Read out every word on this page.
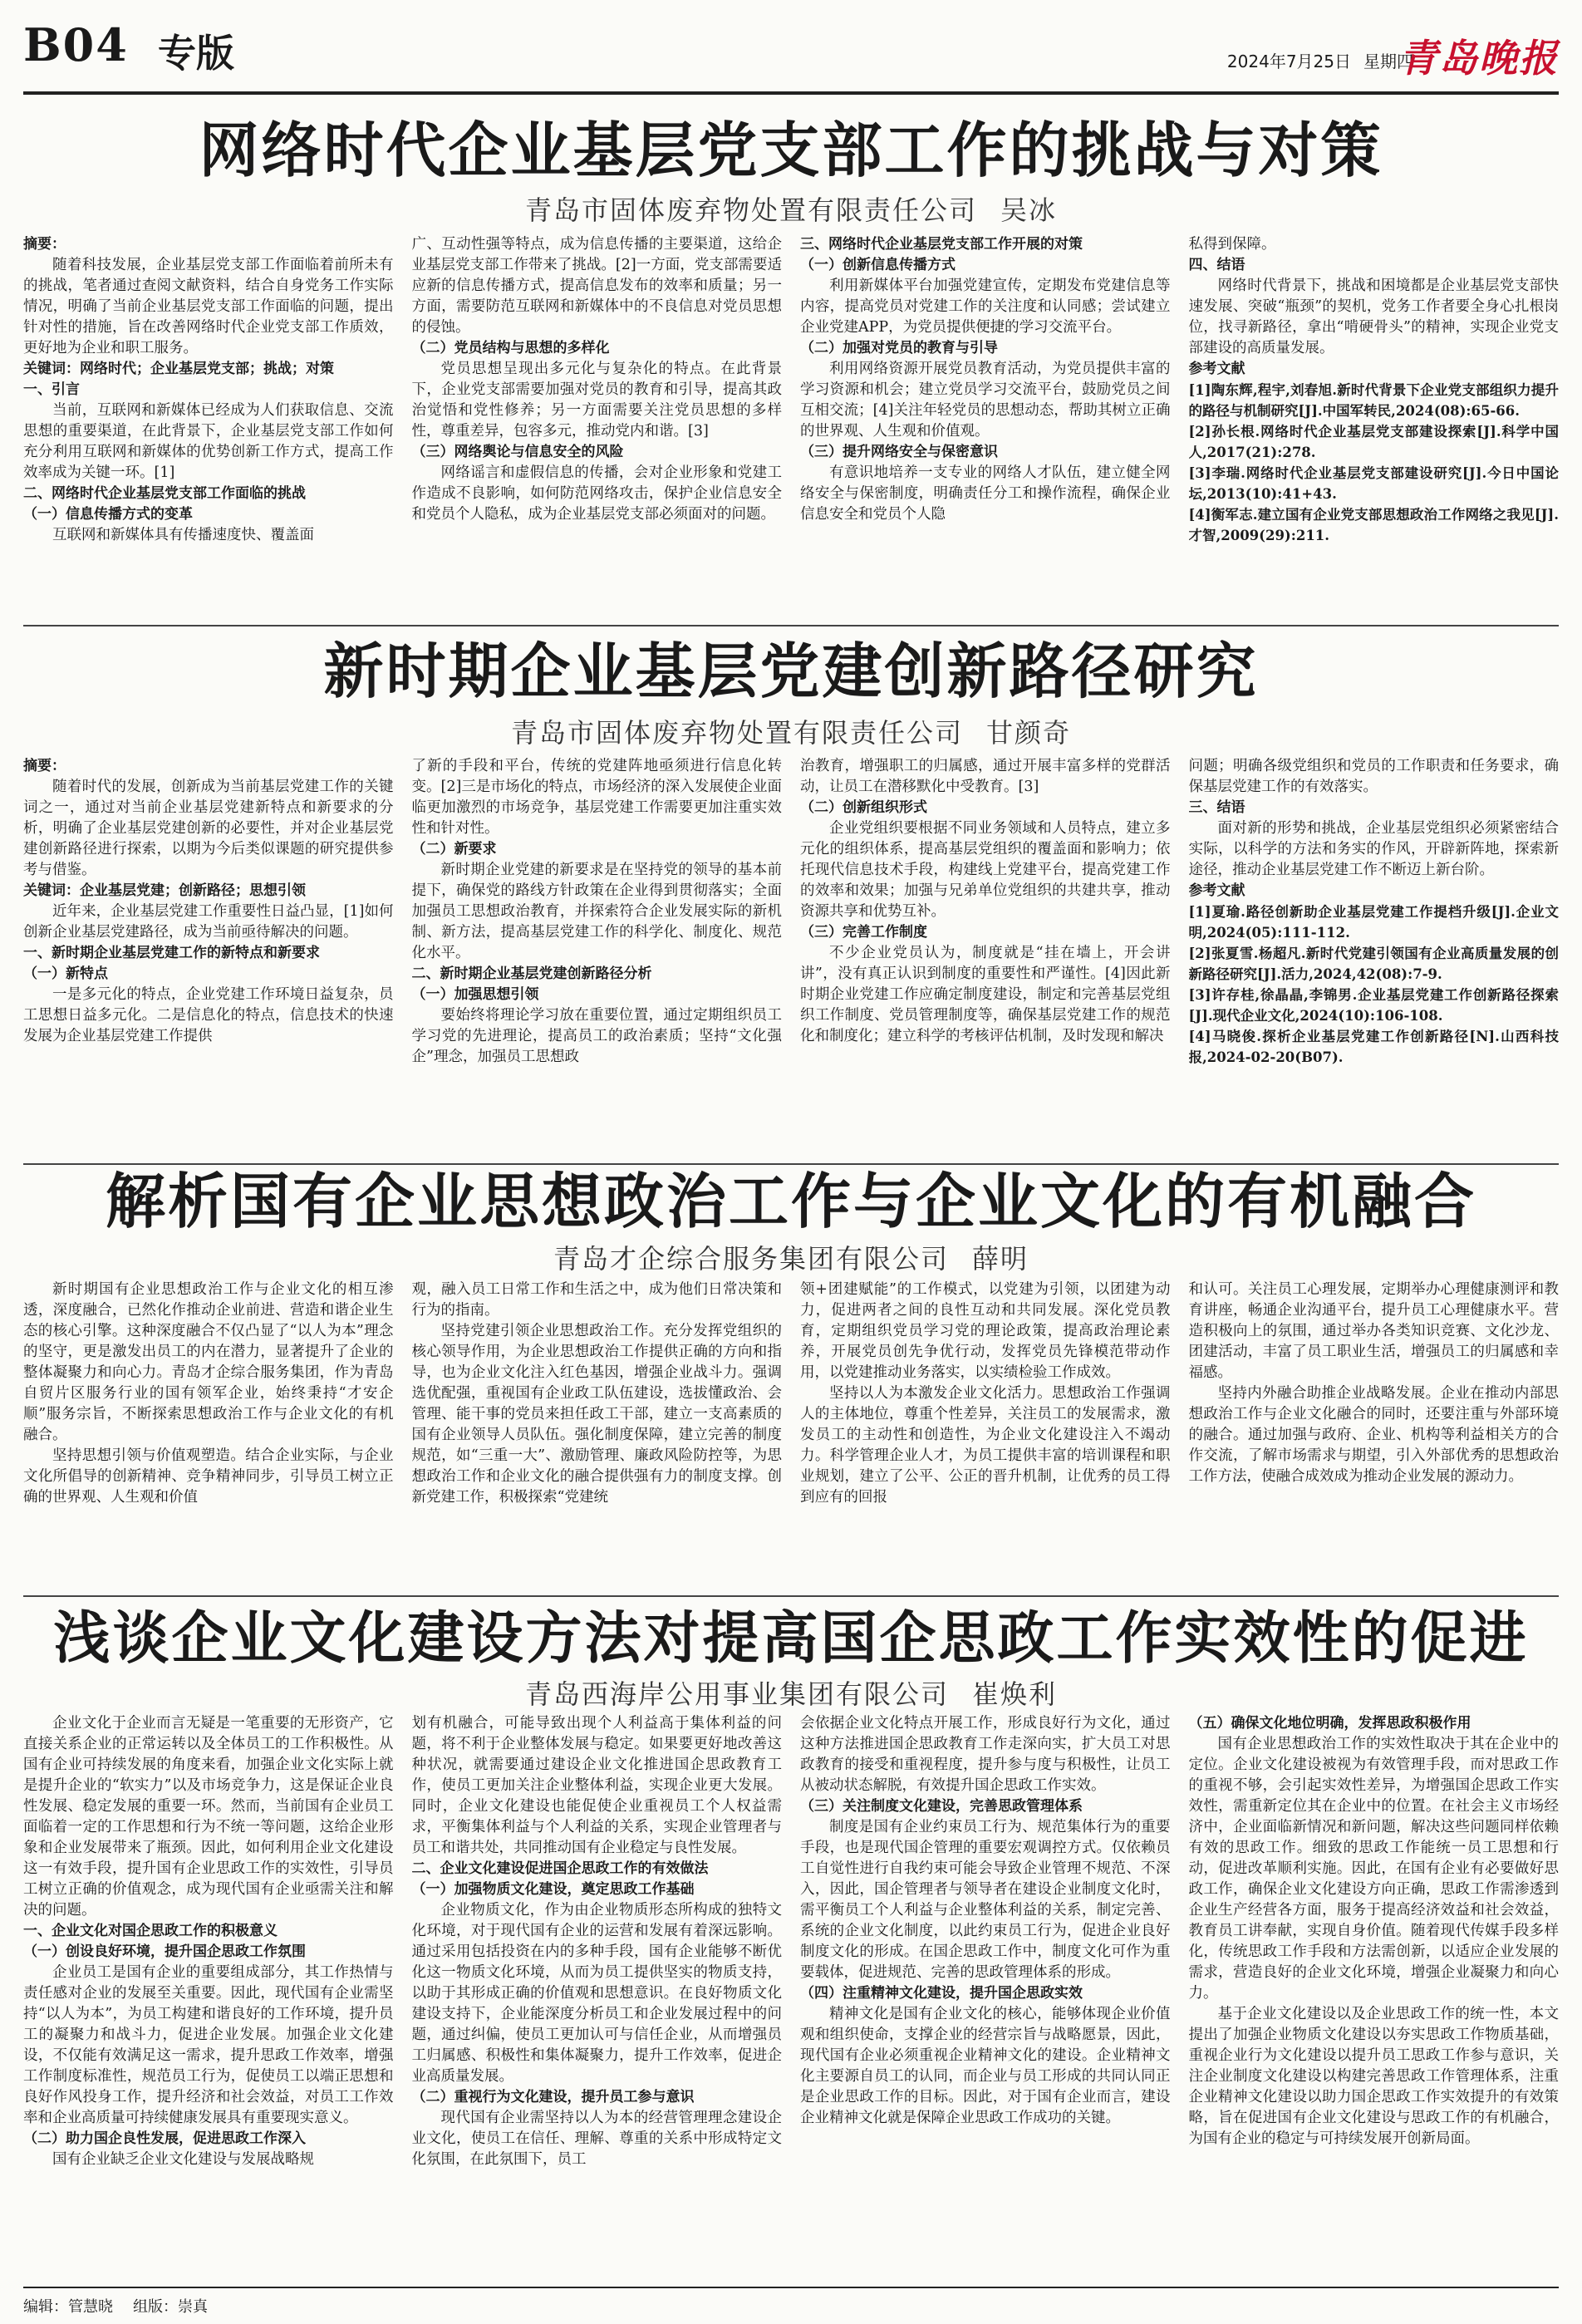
B04 专版	2024年7月25日 星期四
青岛晚报
网络时代企业基层党支部工作的挑战与对策
青岛市固体废弃物处置有限责任公司 吴冰

摘要：

随着科技发展，企业基层党支部工作面临着前所未有的挑战，笔者通过查阅文献资料，结合自身党务工作实际情况，明确了当前企业基层党支部工作面临的问题，提出针对性的措施，旨在改善网络时代企业党支部工作质效，更好地为企业和职工服务。

关键词：网络时代；企业基层党支部；挑战；对策

一、引言

当前，互联网和新媒体已经成为人们获取信息、交流思想的重要渠道，在此背景下，企业基层党支部工作如何充分利用互联网和新媒体的优势创新工作方式，提高工作效率成为关键一环。[1]

二、网络时代企业基层党支部工作面临的挑战

（一）信息传播方式的变革

互联网和新媒体具有传播速度快、覆盖面

广、互动性强等特点，成为信息传播的主要渠道，这给企业基层党支部工作带来了挑战。[2]一方面，党支部需要适应新的信息传播方式，提高信息发布的效率和质量；另一方面，需要防范互联网和新媒体中的不良信息对党员思想的侵蚀。

（二）党员结构与思想的多样化

党员思想呈现出多元化与复杂化的特点。在此背景下，企业党支部需要加强对党员的教育和引导，提高其政治觉悟和党性修养；另一方面需要关注党员思想的多样性，尊重差异，包容多元，推动党内和谐。[3]

（三）网络舆论与信息安全的风险

网络谣言和虚假信息的传播，会对企业形象和党建工作造成不良影响，如何防范网络攻击，保护企业信息安全和党员个人隐私，成为企业基层党支部必须面对的问题。

三、网络时代企业基层党支部工作开展的对策

（一）创新信息传播方式

利用新媒体平台加强党建宣传，定期发布党建信息等内容，提高党员对党建工作的关注度和认同感；尝试建立企业党建APP，为党员提供便捷的学习交流平台。

（二）加强对党员的教育与引导

利用网络资源开展党员教育活动，为党员提供丰富的学习资源和机会；建立党员学习交流平台，鼓励党员之间互相交流；[4]关注年轻党员的思想动态，帮助其树立正确的世界观、人生观和价值观。

（三）提升网络安全与保密意识

有意识地培养一支专业的网络人才队伍，建立健全网络安全与保密制度，明确责任分工和操作流程，确保企业信息安全和党员个人隐

私得到保障。

四、结语

网络时代背景下，挑战和困境都是企业基层党支部快速发展、突破“瓶颈”的契机，党务工作者要全身心扎根岗位，找寻新路径，拿出“啃硬骨头”的精神，实现企业党支部建设的高质量发展。

参考文献

[1]陶东辉,程宇,刘春旭.新时代背景下企业党支部组织力提升的路径与机制研究[J].中国军转民,2024(08):65-66.

[2]孙长根.网络时代企业基层党支部建设探索[J].科学中国人,2017(21):278.

[3]李瑞.网络时代企业基层党支部建设研究[J].今日中国论坛,2013(10):41+43.

[4]衡军志.建立国有企业党支部思想政治工作网络之我见[J].才智,2009(29):211.

新时期企业基层党建创新路径研究
青岛市固体废弃物处置有限责任公司 甘颜奇

摘要：

随着时代的发展，创新成为当前基层党建工作的关键词之一，通过对当前企业基层党建新特点和新要求的分析，明确了企业基层党建创新的必要性，并对企业基层党建创新路径进行探索，以期为今后类似课题的研究提供参考与借鉴。

关键词：企业基层党建；创新路径；思想引领

近年来，企业基层党建工作重要性日益凸显，[1]如何创新企业基层党建路径，成为当前亟待解决的问题。

一、新时期企业基层党建工作的新特点和新要求

（一）新特点

一是多元化的特点，企业党建工作环境日益复杂，员工思想日益多元化。二是信息化的特点，信息技术的快速发展为企业基层党建工作提供

了新的手段和平台，传统的党建阵地亟须进行信息化转变。[2]三是市场化的特点，市场经济的深入发展使企业面临更加激烈的市场竞争，基层党建工作需要更加注重实效性和针对性。

（二）新要求

新时期企业党建的新要求是在坚持党的领导的基本前提下，确保党的路线方针政策在企业得到贯彻落实；全面加强员工思想政治教育，并探索符合企业发展实际的新机制、新方法，提高基层党建工作的科学化、制度化、规范化水平。

二、新时期企业基层党建创新路径分析

（一）加强思想引领

要始终将理论学习放在重要位置，通过定期组织员工学习党的先进理论，提高员工的政治素质；坚持“文化强企”理念，加强员工思想政

治教育，增强职工的归属感，通过开展丰富多样的党群活动，让员工在潜移默化中受教育。[3]

（二）创新组织形式

企业党组织要根据不同业务领域和人员特点，建立多元化的组织体系，提高基层党组织的覆盖面和影响力；依托现代信息技术手段，构建线上党建平台，提高党建工作的效率和效果；加强与兄弟单位党组织的共建共享，推动资源共享和优势互补。

（三）完善工作制度

不少企业党员认为，制度就是“挂在墙上，开会讲讲”，没有真正认识到制度的重要性和严谨性。[4]因此新时期企业党建工作应确定制度建设，制定和完善基层党组织工作制度、党员管理制度等，确保基层党建工作的规范化和制度化；建立科学的考核评估机制，及时发现和解决

问题；明确各级党组织和党员的工作职责和任务要求，确保基层党建工作的有效落实。

三、结语

面对新的形势和挑战，企业基层党组织必须紧密结合实际，以科学的方法和务实的作风，开辟新阵地，探索新途径，推动企业基层党建工作不断迈上新台阶。

参考文献

[1]夏瑜.路径创新助企业基层党建工作提档升级[J].企业文明,2024(05):111-112.

[2]张夏雪.杨超凡.新时代党建引领国有企业高质量发展的创新路径研究[J].活力,2024,42(08):7-9.

[3]许存桂,徐晶晶,李锦男.企业基层党建工作创新路径探索[J].现代企业文化,2024(10):106-108.

[4]马晓俊.探析企业基层党建工作创新路径[N].山西科技报,2024-02-20(B07).

解析国有企业思想政治工作与企业文化的有机融合
青岛才企综合服务集团有限公司 薛明

新时期国有企业思想政治工作与企业文化的相互渗透，深度融合，已然化作推动企业前进、营造和谐企业生态的核心引擎。这种深度融合不仅凸显了“以人为本”理念的坚守，更是激发出员工的内在潜力，显著提升了企业的整体凝聚力和向心力。青岛才企综合服务集团，作为青岛自贸片区服务行业的国有领军企业，始终秉持“才安企顺”服务宗旨，不断探索思想政治工作与企业文化的有机融合。

坚持思想引领与价值观塑造。结合企业实际，与企业文化所倡导的创新精神、竞争精神同步，引导员工树立正确的世界观、人生观和价值

观，融入员工日常工作和生活之中，成为他们日常决策和行为的指南。

坚持党建引领企业思想政治工作。充分发挥党组织的核心领导作用，为企业思想政治工作提供正确的方向和指导，也为企业文化注入红色基因，增强企业战斗力。强调选优配强，重视国有企业政工队伍建设，选拔懂政治、会管理、能干事的党员来担任政工干部，建立一支高素质的国有企业领导人员队伍。强化制度保障，建立完善的制度规范，如“三重一大”、激励管理、廉政风险防控等，为思想政治工作和企业文化的融合提供强有力的制度支撑。创新党建工作，积极探索“党建统

领+团建赋能”的工作模式，以党建为引领，以团建为动力，促进两者之间的良性互动和共同发展。深化党员教育，定期组织党员学习党的理论政策，提高政治理论素养，开展党员创先争优行动，发挥党员先锋模范带动作用，以党建推动业务落实，以实绩检验工作成效。

坚持以人为本激发企业文化活力。思想政治工作强调人的主体地位，尊重个性差异，关注员工的发展需求，激发员工的主动性和创造性，为企业文化建设注入不竭动力。科学管理企业人才，为员工提供丰富的培训课程和职业规划，建立了公平、公正的晋升机制，让优秀的员工得到应有的回报

和认可。关注员工心理发展，定期举办心理健康测评和教育讲座，畅通企业沟通平台，提升员工心理健康水平。营造积极向上的氛围，通过举办各类知识竞赛、文化沙龙、团建活动，丰富了员工职业生活，增强员工的归属感和幸福感。

坚持内外融合助推企业战略发展。企业在推动内部思想政治工作与企业文化融合的同时，还要注重与外部环境的融合。通过加强与政府、企业、机构等利益相关方的合作交流，了解市场需求与期望，引入外部优秀的思想政治工作方法，使融合成效成为推动企业发展的源动力。

浅谈企业文化建设方法对提高国企思政工作实效性的促进
青岛西海岸公用事业集团有限公司 崔焕利

企业文化于企业而言无疑是一笔重要的无形资产，它直接关系企业的正常运转以及全体员工的工作积极性。从国有企业可持续发展的角度来看，加强企业文化实际上就是提升企业的“软实力”以及市场竞争力，这是保证企业良性发展、稳定发展的重要一环。然而，当前国有企业员工面临着一定的工作思想和行为不统一等问题，这给企业形象和企业发展带来了瓶颈。因此，如何利用企业文化建设这一有效手段，提升国有企业思政工作的实效性，引导员工树立正确的价值观念，成为现代国有企业亟需关注和解决的问题。

一、企业文化对国企思政工作的积极意义

（一）创设良好环境，提升国企思政工作氛围

企业员工是国有企业的重要组成部分，其工作热情与责任感对企业的发展至关重要。因此，现代国有企业需坚持“以人为本”，为员工构建和谐良好的工作环境，提升员工的凝聚力和战斗力，促进企业发展。加强企业文化建设，不仅能有效满足这一需求，提升思政工作效率，增强工作制度标准性，规范员工行为，促使员工以端正思想和良好作风投身工作，提升经济和社会效益，对员工工作效率和企业高质量可持续健康发展具有重要现实意义。

（二）助力国企良性发展，促进思政工作深入

国有企业缺乏企业文化建设与发展战略规

划有机融合，可能导致出现个人利益高于集体利益的问题，将不利于企业整体发展与稳定。如果要更好地改善这种状况，就需要通过建设企业文化推进国企思政教育工作，使员工更加关注企业整体利益，实现企业更大发展。同时，企业文化建设也能促使企业重视员工个人权益需求，平衡集体利益与个人利益的关系，实现企业管理者与员工和谐共处，共同推动国有企业稳定与良性发展。

二、企业文化建设促进国企思政工作的有效做法

（一）加强物质文化建设，奠定思政工作基础

企业物质文化，作为由企业物质形态所构成的独特文化环境，对于现代国有企业的运营和发展有着深远影响。通过采用包括投资在内的多种手段，国有企业能够不断优化这一物质文化环境，从而为员工提供坚实的物质支持，以助于其形成正确的价值观和思想意识。在良好物质文化建设支持下，企业能深度分析员工和企业发展过程中的问题，通过纠偏，使员工更加认可与信任企业，从而增强员工归属感、积极性和集体凝聚力，提升工作效率，促进企业高质量发展。

（二）重视行为文化建设，提升员工参与意识

现代国有企业需坚持以人为本的经营管理理念建设企业文化，使员工在信任、理解、尊重的关系中形成特定文化氛围，在此氛围下，员工

会依据企业文化特点开展工作，形成良好行为文化，通过这种方法推进国企思政教育工作走深向实，扩大员工对思政教育的接受和重视程度，提升参与度与积极性，让员工从被动状态解脱，有效提升国企思政工作实效。

（三）关注制度文化建设，完善思政管理体系

制度是国有企业约束员工行为、规范集体行为的重要手段，也是现代国企管理的重要宏观调控方式。仅依赖员工自觉性进行自我约束可能会导致企业管理不规范、不深入，因此，国企管理者与领导者在建设企业制度文化时，需平衡员工个人利益与企业整体利益的关系，制定完善、系统的企业文化制度，以此约束员工行为，促进企业良好制度文化的形成。在国企思政工作中，制度文化可作为重要载体，促进规范、完善的思政管理体系的形成。

（四）注重精神文化建设，提升国企思政实效

精神文化是国有企业文化的核心，能够体现企业价值观和组织使命，支撑企业的经营宗旨与战略愿景，因此，现代国有企业必须重视企业精神文化的建设。企业精神文化主要源自员工的认同，而企业与员工形成的共同认同正是企业思政工作的目标。因此，对于国有企业而言，建设企业精神文化就是保障企业思政工作成功的关键。

（五）确保文化地位明确，发挥思政积极作用

国有企业思想政治工作的实效性取决于其在企业中的定位。企业文化建设被视为有效管理手段，而对思政工作的重视不够，会引起实效性差异，为增强国企思政工作实效性，需重新定位其在企业中的位置。在社会主义市场经济中，企业面临新情况和新问题，解决这些问题同样依赖有效的思政工作。细致的思政工作能统一员工思想和行动，促进改革顺利实施。因此，在国有企业有必要做好思政工作，确保企业文化建设方向正确，思政工作需渗透到企业生产经营各方面，服务于提高经济效益和社会效益，教育员工讲奉献，实现自身价值。随着现代传媒手段多样化，传统思政工作手段和方法需创新，以适应企业发展的需求，营造良好的企业文化环境，增强企业凝聚力和向心力。

基于企业文化建设以及企业思政工作的统一性，本文提出了加强企业物质文化建设以夯实思政工作物质基础，重视企业行为文化建设以提升员工思政工作参与意识，关注企业制度文化建设以构建完善思政工作管理体系，注重企业精神文化建设以助力国企思政工作实效提升的有效策略，旨在促进国有企业文化建设与思政工作的有机融合，为国有企业的稳定与可持续发展开创新局面。

编辑：管慧晓 组版：崇真
